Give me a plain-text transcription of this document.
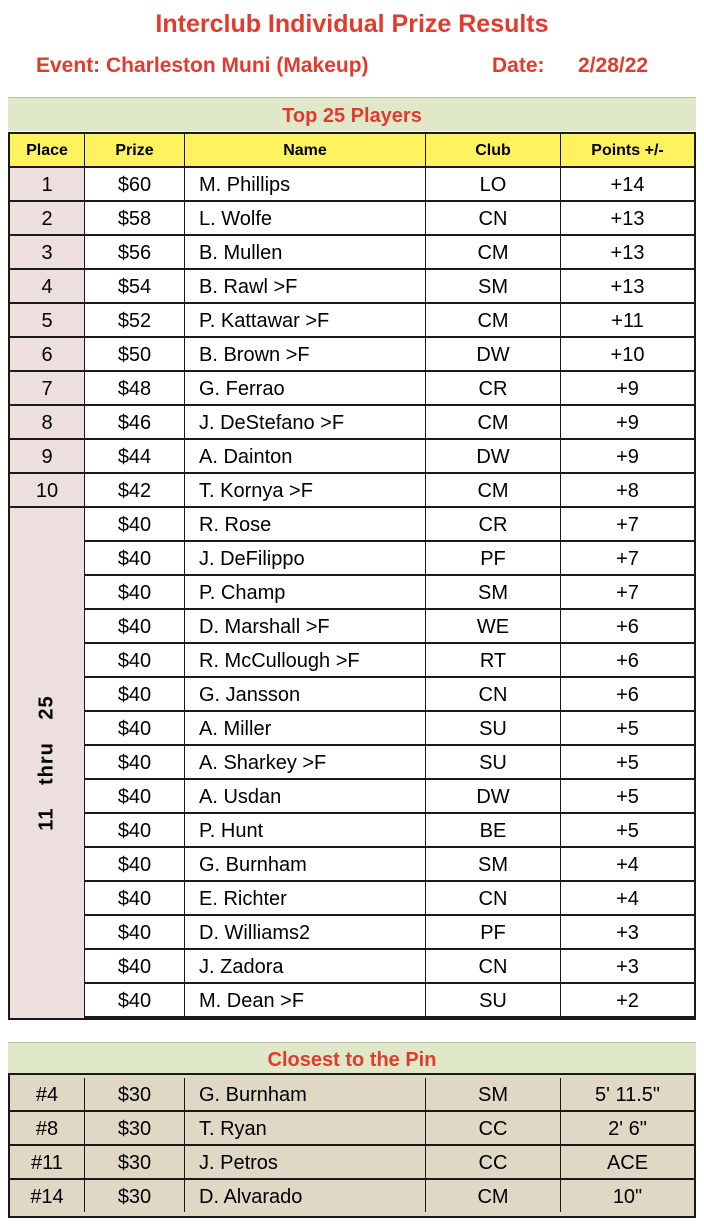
Interclub Individual Prize Results
Event: Charleston Muni (Makeup)	Date: 2/28/22
Top 25 Players
Place	Prize	Name	Club	Points +/-
11 thru 25
1	$60	M. Phillips	LO	+14
2	$58	L. Wolfe	CN	+13
3	$56	B. Mullen	CM	+13
4	$54	B. Rawl >F	SM	+13
5	$52	P. Kattawar >F	CM	+11
6	$50	B. Brown >F	DW	+10
7	$48	G. Ferrao	CR	+9
8	$46	J. DeStefano >F	CM	+9
9	$44	A. Dainton	DW	+9
10	$42	T. Kornya >F	CM	+8
$40	R. Rose	CR	+7
$40	J. DeFilippo	PF	+7
$40	P. Champ	SM	+7
$40	D. Marshall >F	WE	+6
$40	R. McCullough >F	RT	+6
$40	G. Jansson	CN	+6
$40	A. Miller	SU	+5
$40	A. Sharkey >F	SU	+5
$40	A. Usdan	DW	+5
$40	P. Hunt	BE	+5
$40	G. Burnham	SM	+4
$40	E. Richter	CN	+4
$40	D. Williams2	PF	+3
$40	J. Zadora	CN	+3
$40	M. Dean >F	SU	+2
Closest to the Pin
#4	$30	G. Burnham	SM	5' 11.5"
#8	$30	T. Ryan	CC	2' 6"
#11	$30	J. Petros	CC	ACE
#14	$30	D. Alvarado	CM	10"
